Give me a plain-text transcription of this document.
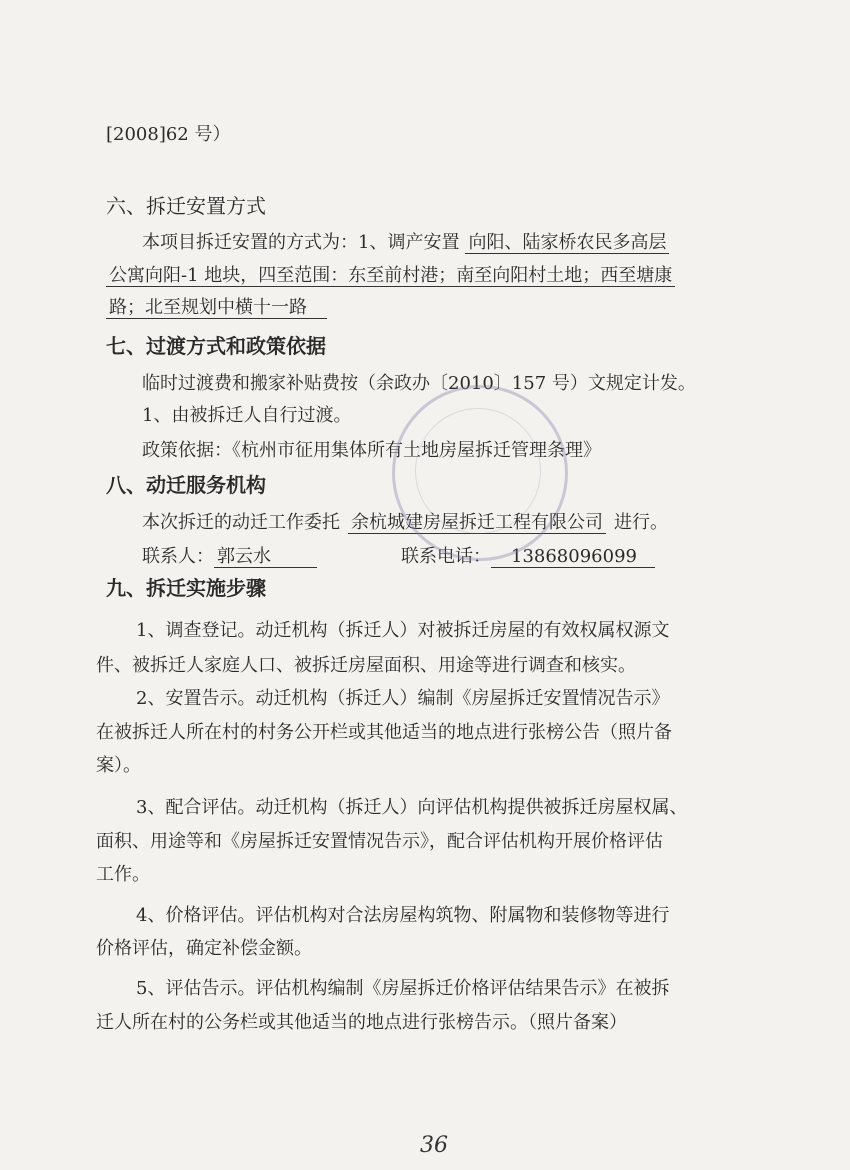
[2008]62 号）
六、拆迁安置方式
本项目拆迁安置的方式为：1、调产安置 向阳、陆家桥农民多高层
公寓向阳-1 地块，四至范围：东至前村港；南至向阳村土地；西至塘康
路；北至规划中横十一路
七、过渡方式和政策依据
临时过渡费和搬家补贴费按（余政办〔2010〕157 号）文规定计发。
1、由被拆迁人自行过渡。
政策依据：《杭州市征用集体所有土地房屋拆迁管理条理》
八、动迁服务机构
本次拆迁的动迁工作委托 余杭城建房屋拆迁工程有限公司 进行。
联系人： 郭云水	联系电话： 13868096099
九、拆迁实施步骤
1、调查登记。动迁机构（拆迁人）对被拆迁房屋的有效权属权源文
件、被拆迁人家庭人口、被拆迁房屋面积、用途等进行调查和核实。
2、安置告示。动迁机构（拆迁人）编制《房屋拆迁安置情况告示》
在被拆迁人所在村的村务公开栏或其他适当的地点进行张榜公告（照片备
案）。
3、配合评估。动迁机构（拆迁人）向评估机构提供被拆迁房屋权属、
面积、用途等和《房屋拆迁安置情况告示》，配合评估机构开展价格评估
工作。
4、价格评估。评估机构对合法房屋构筑物、附属物和装修物等进行
价格评估，确定补偿金额。
5、评估告示。评估机构编制《房屋拆迁价格评估结果告示》在被拆
迁人所在村的公务栏或其他适当的地点进行张榜告示。（照片备案）
36
